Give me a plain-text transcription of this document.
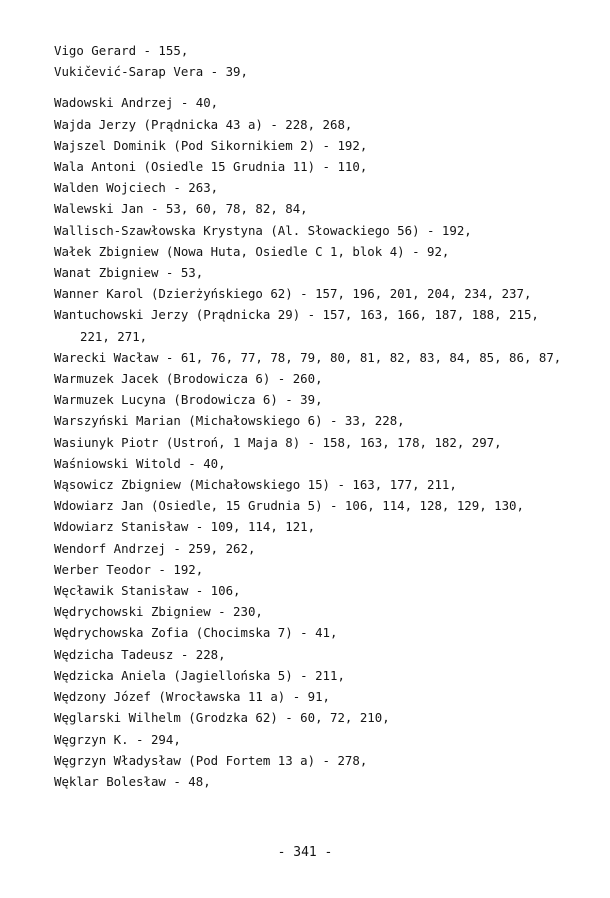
Vigo Gerard - 155,

Vukičević-Sarap Vera - 39,

Wadowski Andrzej - 40,

Wajda Jerzy (Prądnicka 43 a) - 228, 268,

Wajszel Dominik (Pod Sikornikiem 2) - 192,

Wala Antoni (Osiedle 15 Grudnia 11) - 110,

Walden Wojciech - 263,

Walewski Jan - 53, 60, 78, 82, 84,

Wallisch-Szawłowska Krystyna (Al. Słowackiego 56) - 192,

Wałek Zbigniew (Nowa Huta, Osiedle C 1, blok 4) - 92,

Wanat Zbigniew - 53,

Wanner Karol (Dzierżyńskiego 62) - 157, 196, 201, 204, 234, 237,

Wantuchowski Jerzy (Prądnicka 29) - 157, 163, 166, 187, 188, 215, 221, 271,

Warecki Wacław - 61, 76, 77, 78, 79, 80, 81, 82, 83, 84, 85, 86, 87,

Warmuzek Jacek (Brodowicza 6) - 260,

Warmuzek Lucyna (Brodowicza 6) - 39,

Warszyński Marian (Michałowskiego 6) - 33, 228,

Wasiunyk Piotr (Ustroń, 1 Maja 8) - 158, 163, 178, 182, 297,

Waśniowski Witold - 40,

Wąsowicz Zbigniew (Michałowskiego 15) - 163, 177, 211,

Wdowiarz Jan (Osiedle, 15 Grudnia 5) - 106, 114, 128, 129, 130,

Wdowiarz Stanisław - 109, 114, 121,

Wendorf Andrzej - 259, 262,

Werber Teodor - 192,

Węcławik Stanisław - 106,

Wędrychowski Zbigniew - 230,

Wędrychowska Zofia (Chocimska 7) - 41,

Wędzicha Tadeusz - 228,

Wędzicka Aniela (Jagiellońska 5) - 211,

Wędzony Józef (Wrocławska 11 a) - 91,

Węglarski Wilhelm (Grodzka 62) - 60, 72, 210,

Węgrzyn K. - 294,

Węgrzyn Władysław (Pod Fortem 13 a) - 278,

Węklar Bolesław - 48,

- 341 -
